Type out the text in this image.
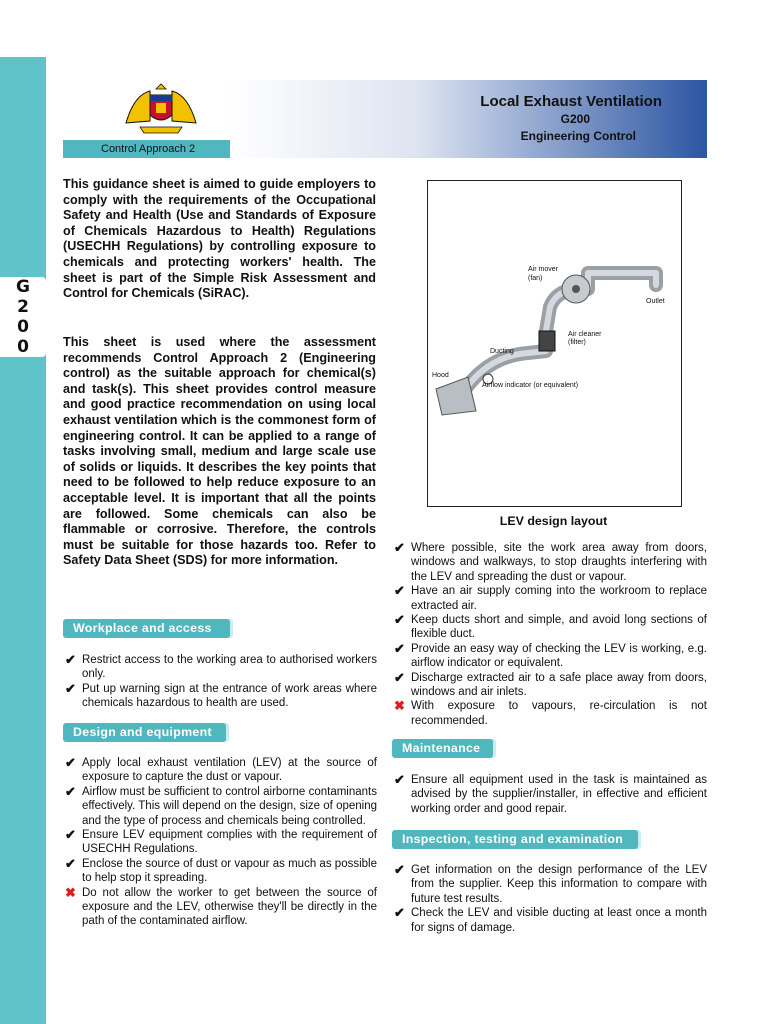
G
2
0
0
Local Exhaust Ventilation
G200
Engineering Control
Control Approach 2

This guidance sheet is aimed to guide employers to comply with the requirements of the Occupational Safety and Health (Use and Standards of Exposure of Chemicals Hazardous to Health) Regulations (USECHH Regulations) by controlling exposure to chemicals and protecting workers' health. The sheet is part of the Simple Risk Assessment and Control for Chemicals (SiRAC).

This sheet is used where the assessment recommends Control Approach 2 (Engineering control) as the suitable approach for chemical(s) and task(s). This sheet provides control measure and good practice recommendation on using local exhaust ventilation which is the commonest form of engineering control. It can be applied to a range of tasks involving small, medium and large scale use of solids or liquids. It describes the key points that need to be followed to help reduce exposure to an acceptable level. It is important that all the points are followed. Some chemicals can also be flammable or corrosive. Therefore, the controls must be suitable for those hazards too. Refer to Safety Data Sheet (SDS) for more information.

Workplace and access
✔ Restrict access to the working area to authorised workers only.
✔ Put up warning sign at the entrance of work areas where chemicals hazardous to health are used.
Design and equipment
✔ Apply local exhaust ventilation (LEV) at the source of exposure to capture the dust or vapour.
✔ Airflow must be sufficient to control airborne contaminants effectively. This will depend on the design, size of opening and the type of process and chemicals being controlled.
✔ Ensure LEV equipment complies with the requirement of USECHH Regulations.
✔ Enclose the source of dust or vapour as much as possible to help stop it spreading.
✖ Do not allow the worker to get between the source of exposure and the LEV, otherwise they'll be directly in the path of the contaminated airflow.
Air mover
(fan)
Outlet
Air cleaner
(filter)
Ducting
Hood
Airflow indicator (or equivalent)
LEV design layout
✔ Where possible, site the work area away from doors, windows and walkways, to stop draughts interfering with the LEV and spreading the dust or vapour.
✔ Have an air supply coming into the workroom to replace extracted air.
✔ Keep ducts short and simple, and avoid long sections of flexible duct.
✔ Provide an easy way of checking the LEV is working, e.g. airflow indicator or equivalent.
✔ Discharge extracted air to a safe place away from doors, windows and air inlets.
✖ With exposure to vapours, re-circulation is not recommended.
Maintenance
✔ Ensure all equipment used in the task is maintained as advised by the supplier/installer, in effective and efficient working order and good repair.
Inspection, testing and examination
✔ Get information on the design performance of the LEV from the supplier. Keep this information to compare with future test results.
✔ Check the LEV and visible ducting at least once a month for signs of damage.
